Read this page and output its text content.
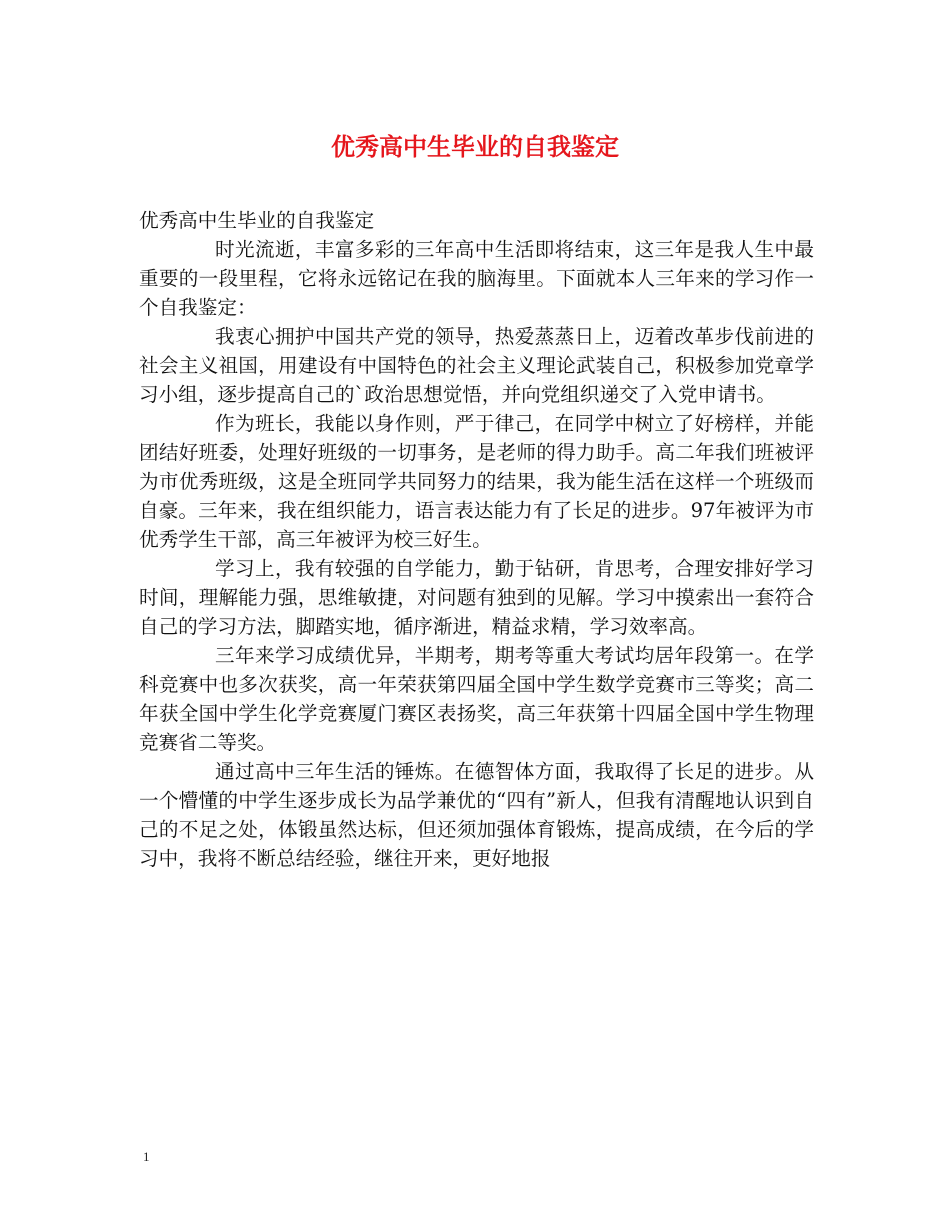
优秀高中生毕业的自我鉴定

优秀高中生毕业的自我鉴定

时光流逝，丰富多彩的三年高中生活即将结束，这三年是我人生中最重要的一段里程，它将永远铭记在我的脑海里。下面就本人三年来的学习作一个自我鉴定：

我衷心拥护中国共产党的领导，热爱蒸蒸日上，迈着改革步伐前进的社会主义祖国，用建设有中国特色的社会主义理论武装自己，积极参加党章学习小组，逐步提高自己的`政治思想觉悟，并向党组织递交了入党申请书。

作为班长，我能以身作则，严于律己，在同学中树立了好榜样，并能团结好班委，处理好班级的一切事务，是老师的得力助手。高二年我们班被评为市优秀班级，这是全班同学共同努力的结果，我为能生活在这样一个班级而自豪。三年来，我在组织能力，语言表达能力有了长足的进步。97年被评为市优秀学生干部，高三年被评为校三好生。

学习上，我有较强的自学能力，勤于钻研，肯思考，合理安排好学习时间，理解能力强，思维敏捷，对问题有独到的见解。学习中摸索出一套符合自己的学习方法，脚踏实地，循序渐进，精益求精，学习效率高。

三年来学习成绩优异，半期考，期考等重大考试均居年段第一。在学科竞赛中也多次获奖，高一年荣获第四届全国中学生数学竞赛市三等奖；高二年获全国中学生化学竞赛厦门赛区表扬奖，高三年获第十四届全国中学生物理竞赛省二等奖。

通过高中三年生活的锤炼。在德智体方面，我取得了长足的进步。从一个懵懂的中学生逐步成长为品学兼优的“四有”新人，但我有清醒地认识到自己的不足之处，体锻虽然达标，但还须加强体育锻炼，提高成绩，在今后的学习中，我将不断总结经验，继往开来，更好地报

1
